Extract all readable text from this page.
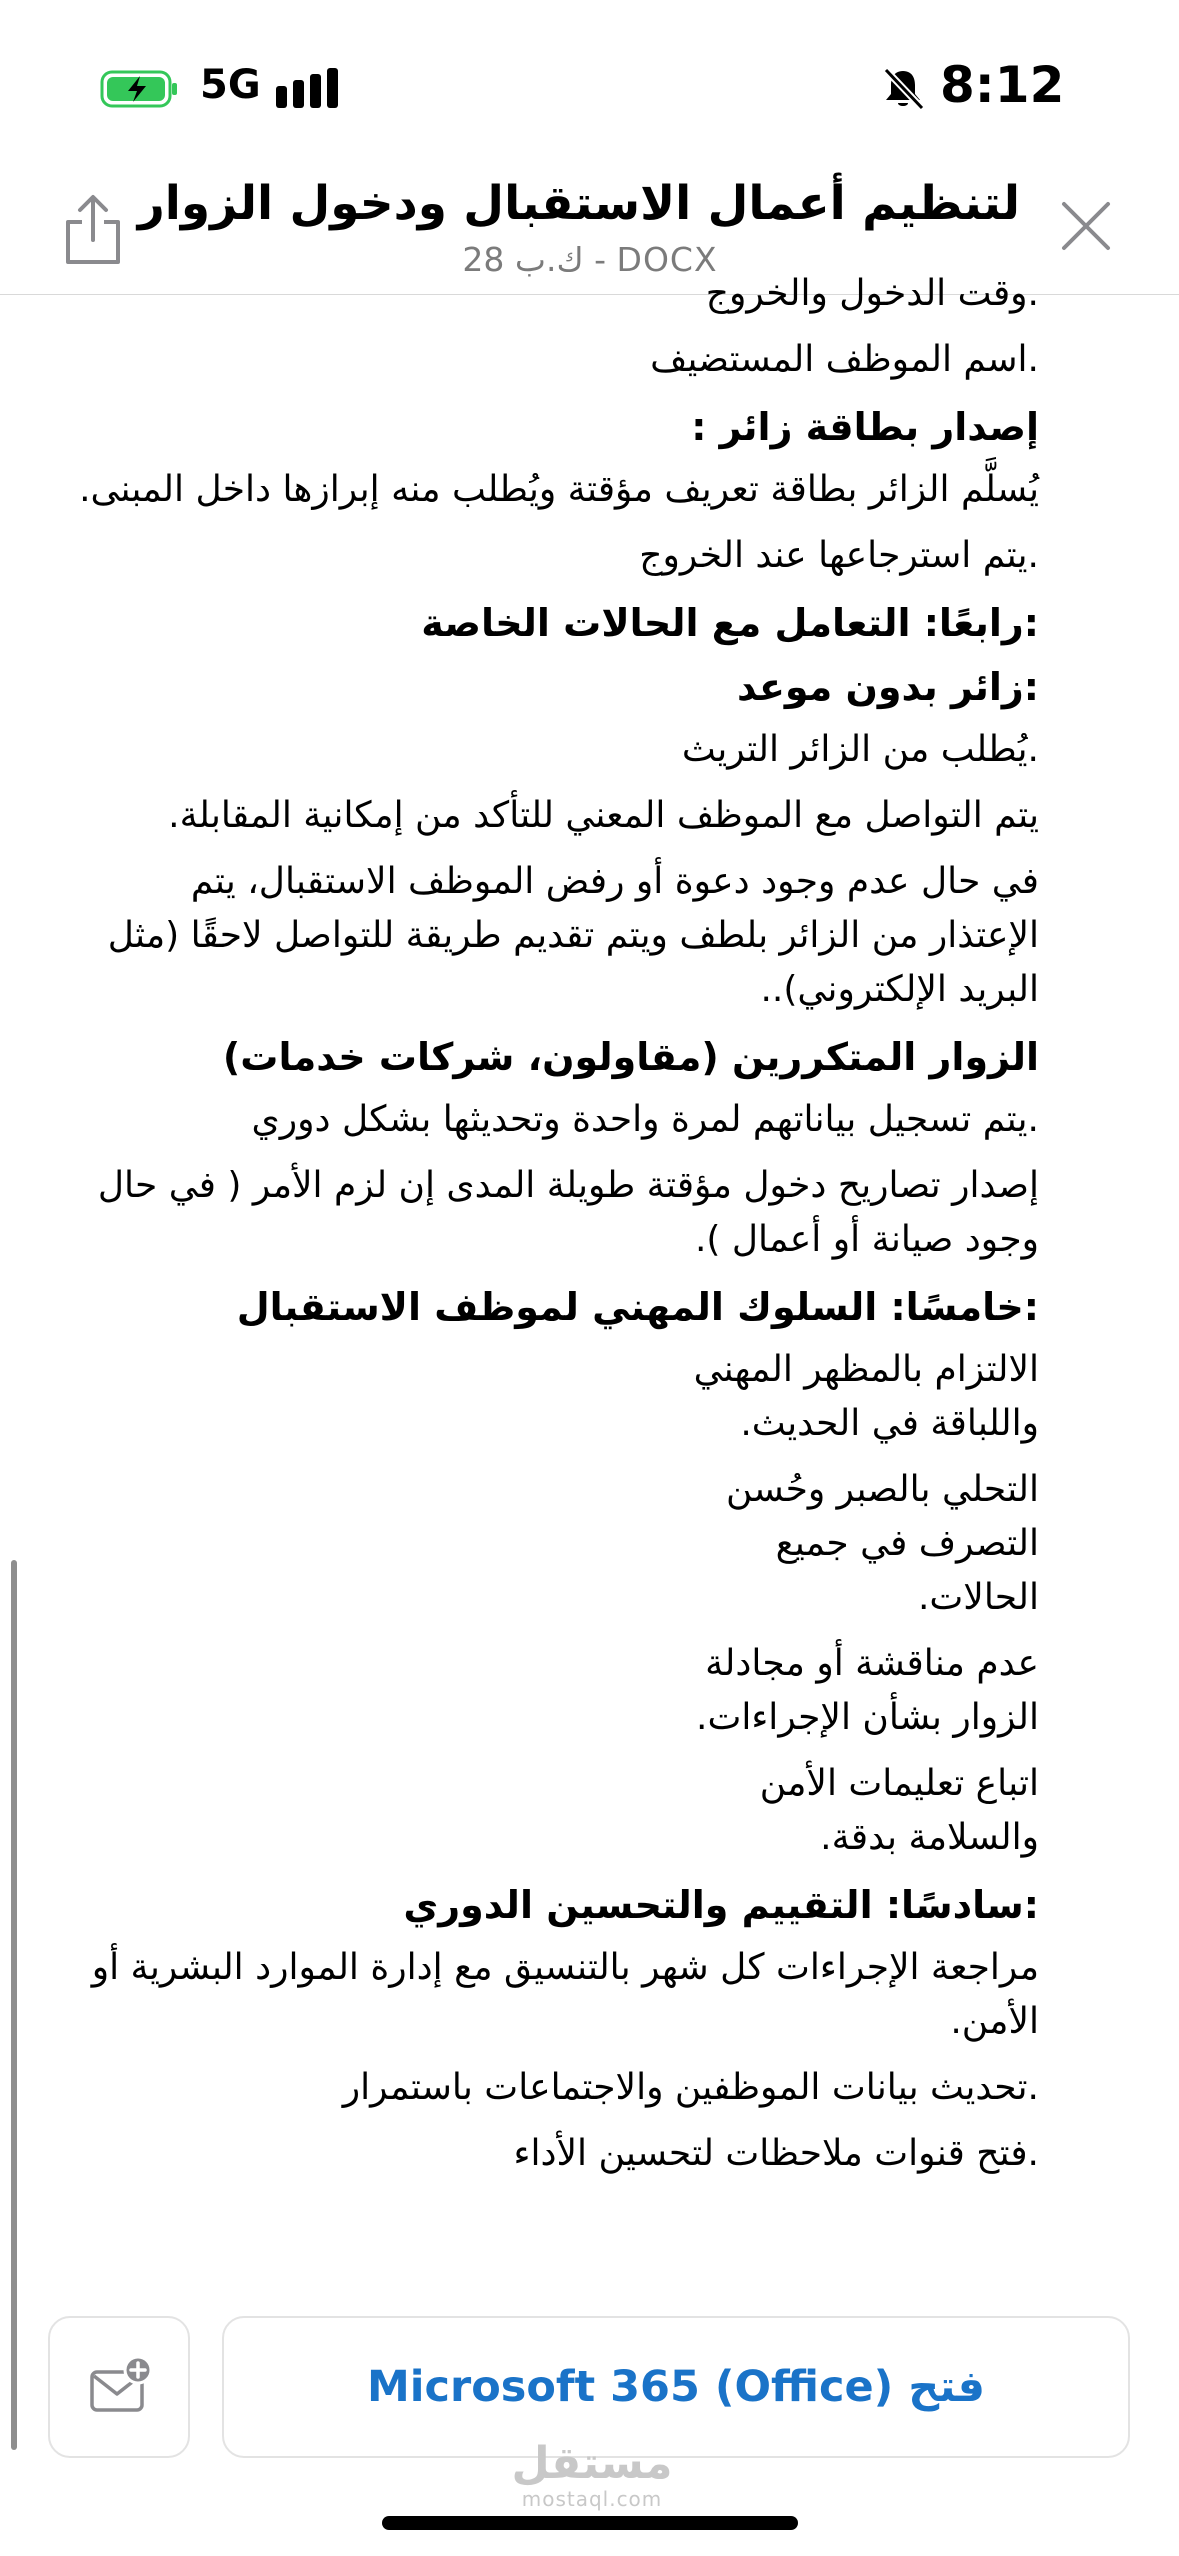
5G	8:12
لتنظيم أعمال الاستقبال ودخول الزوار
ك.ب 28 - DOCX
.وقت الدخول والخروج
.اسم الموظف المستضيف
إصدار بطاقة زائر :
يُسلَّم الزائر بطاقة تعريف مؤقتة ويُطلب منه إبرازها داخل المبنى.
.يتم استرجاعها عند الخروج
:رابعًا: التعامل مع الحالات الخاصة
:زائر بدون موعد
.يُطلب من الزائر التريث
يتم التواصل مع الموظف المعني للتأكد من إمكانية المقابلة.
في حال عدم وجود دعوة أو رفض الموظف الاستقبال، يتم الإعتذار من الزائر بلطف ويتم تقديم طريقة للتواصل لاحقًا (مثل البريد الإلكتروني)..
الزوار المتكررين (مقاولون، شركات خدمات)
.يتم تسجيل بياناتهم لمرة واحدة وتحديثها بشكل دوري
إصدار تصاريح دخول مؤقتة طويلة المدى إن لزم الأمر ( في حال وجود صيانة أو أعمال ).
:خامسًا: السلوك المهني لموظف الاستقبال
الالتزام بالمظهر المهني واللباقة في الحديث.
التحلي بالصبر وحُسن التصرف في جميع الحالات.
عدم مناقشة أو مجادلة الزوار بشأن الإجراءات.
اتباع تعليمات الأمن والسلامة بدقة.
:سادسًا: التقييم والتحسين الدوري
مراجعة الإجراءات كل شهر بالتنسيق مع إدارة الموارد البشرية أو الأمن.
.تحديث بيانات الموظفين والاجتماعات باستمرار
.فتح قنوات ملاحظات لتحسين الأداء
فتح Microsoft 365 (Office)
مستقل
mostaql.com
